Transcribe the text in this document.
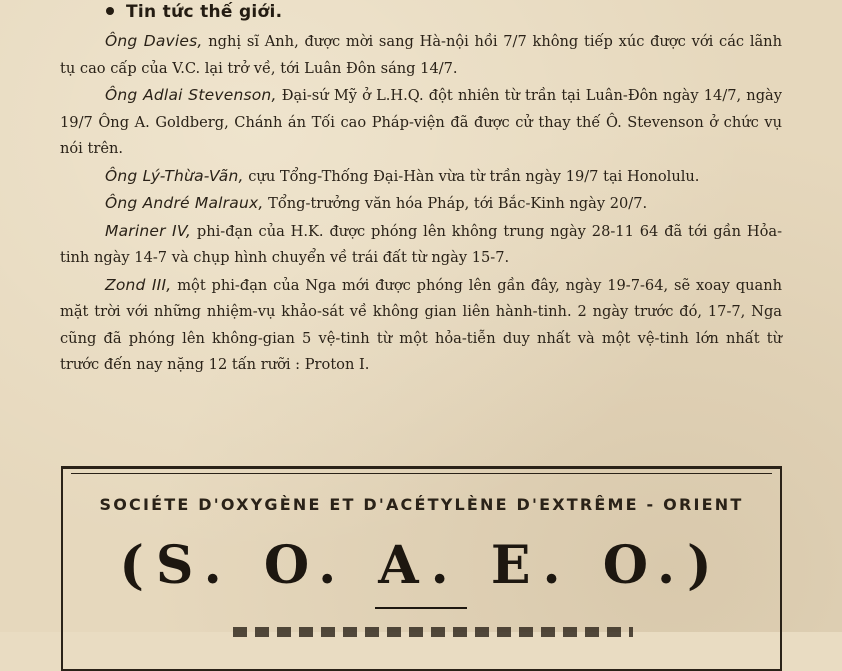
Tin tức thế giới.

Ông Davies, nghị sĩ Anh, được mời sang Hà-nội hồi 7/7 không tiếp xúc được với các lãnh tụ cao cấp của V.C. lại trở về, tới Luân Đôn sáng 14/7.

Ông Adlai Stevenson, Đại-sứ Mỹ ở L.H.Q. đột nhiên từ trần tại Luân-Đôn ngày 14/7, ngày 19/7 Ông A. Goldberg, Chánh án Tối cao Pháp-viện đã được cử thay thế Ô. Stevenson ở chức vụ nói trên.

Ông Lý-Thừa-Vãn, cựu Tổng-Thống Đại-Hàn vừa từ trần ngày 19/7 tại Honolulu.

Ông André Malraux, Tổng-trưởng văn hóa Pháp, tới Bắc-Kinh ngày 20/7.

Mariner IV, phi-đạn của H.K. được phóng lên không trung ngày 28-11 64 đã tới gần Hỏa-tinh ngày 14-7 và chụp hình chuyển về trái đất từ ngày 15-7.

Zond III, một phi-đạn của Nga mới được phóng lên gần đây, ngày 19-7-64, sẽ xoay quanh mặt trời với những nhiệm-vụ khảo-sát về không gian liên hành-tinh. 2 ngày trước đó, 17-7, Nga cũng đã phóng lên không-gian 5 vệ-tinh từ một hỏa-tiễn duy nhất và một vệ-tinh lớn nhất từ trước đến nay nặng 12 tấn rưỡi : Proton I.

SOCIÉTE D'OXYGÈNE ET D'ACÉTYLÈNE D'EXTRÊME - ORIENT
(S. O. A. E. O.)
